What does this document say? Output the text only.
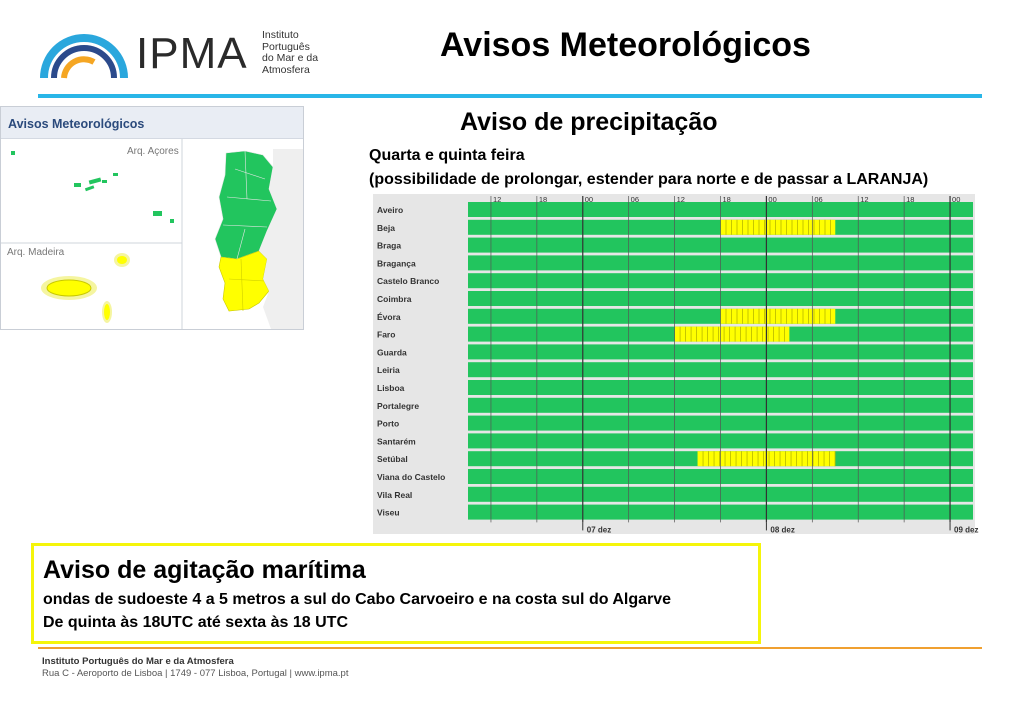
IPMA Instituto
Português
do Mar e da
Atmosfera
Avisos Meteorológicos
Avisos Meteorológicos
Arq. Açores
Arq. Madeira
Aviso de precipitação
Quarta e quinta feira
(possibilidade de prolongar, estender para norte e de passar a LARANJA)
Aveiro
Beja
Braga
Bragança
Castelo Branco
Coimbra
Évora
Faro
Guarda
Leiria
Lisboa
Portalegre
Porto
Santarém
Setúbal
Viana do Castelo
Vila Real
Viseu
12	18	00	06	12	18	00	06	12	18	00
07 dez	08 dez	09 dez
Aviso de agitação marítima
ondas de sudoeste 4 a 5 metros a sul do Cabo Carvoeiro e na costa sul do Algarve
De quinta às 18UTC até sexta às 18 UTC
Instituto Português do Mar e da Atmosfera
Rua C - Aeroporto de Lisboa | 1749 - 077 Lisboa, Portugal | www.ipma.pt
